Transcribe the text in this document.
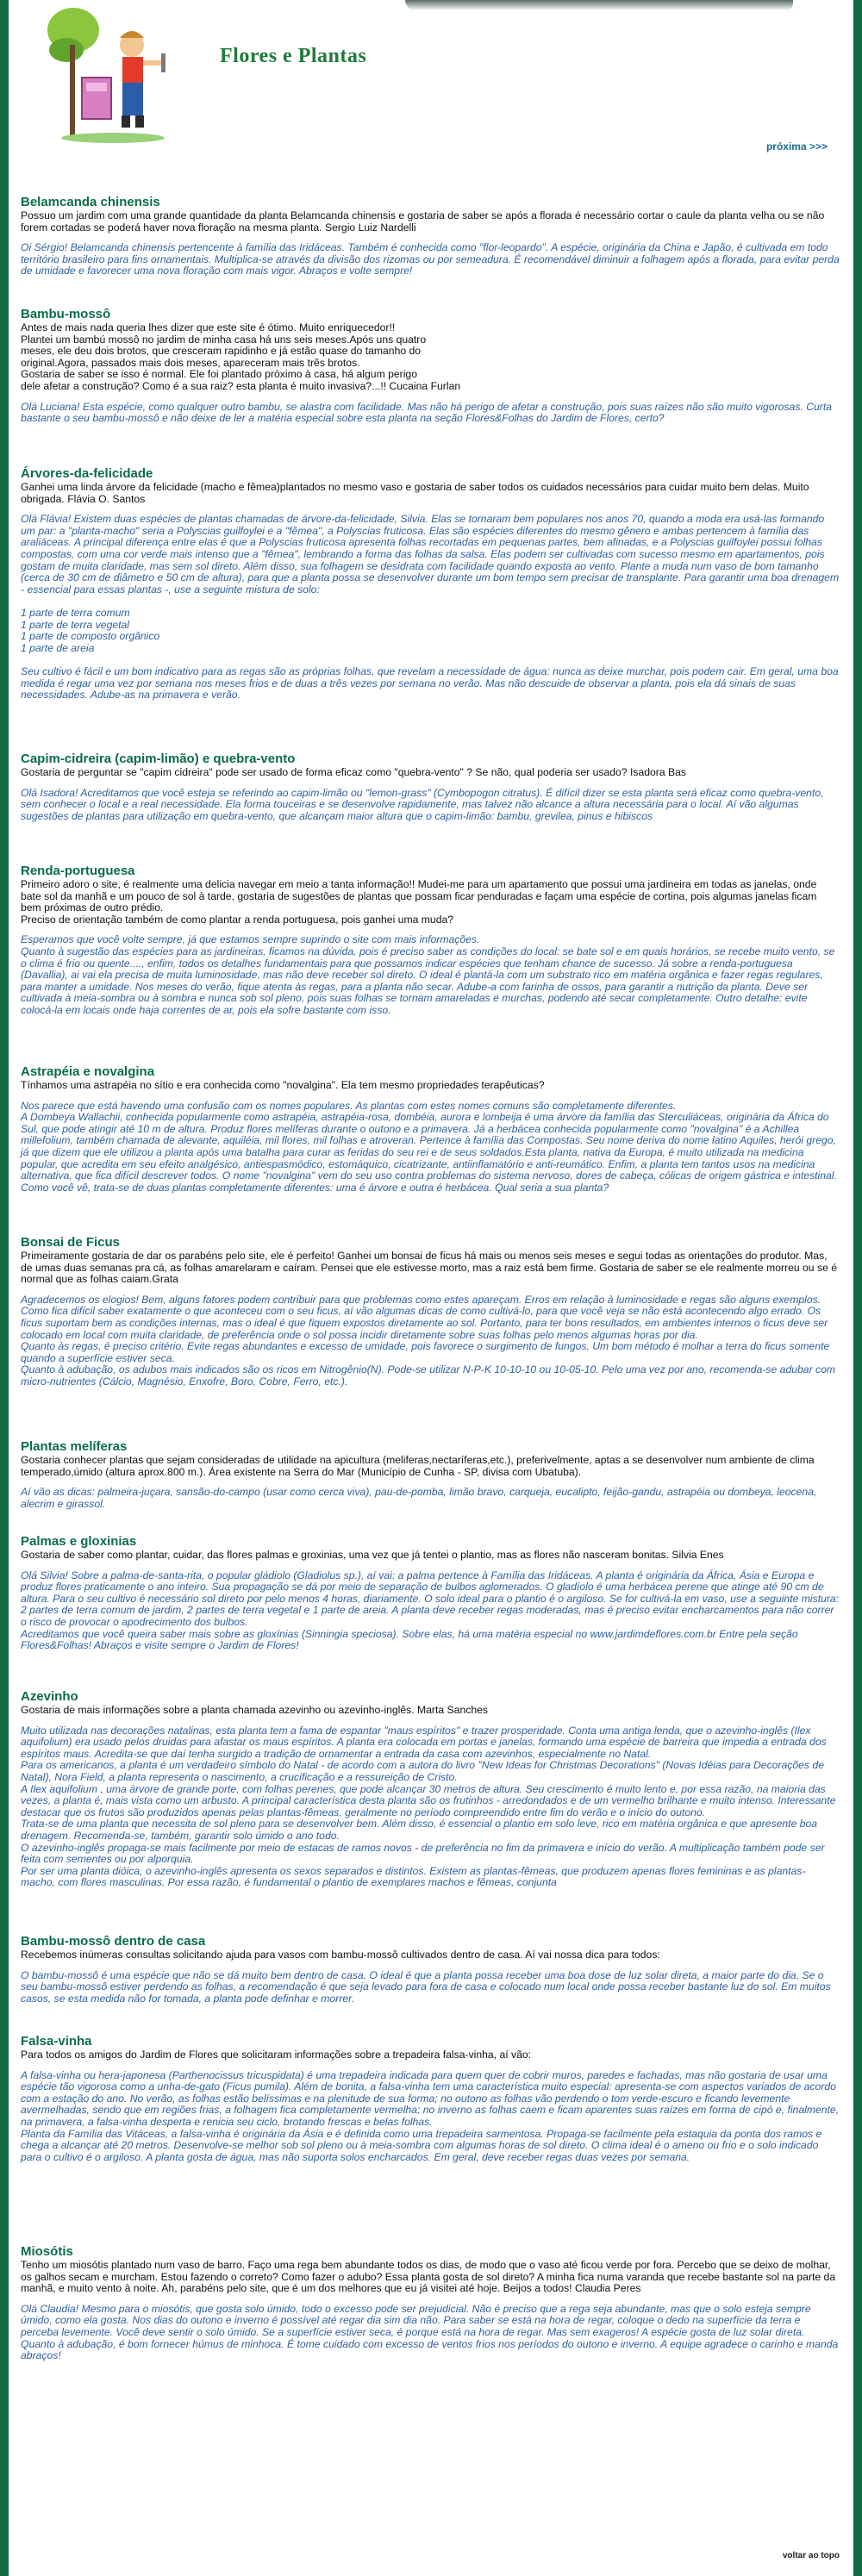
Flores e Plantas
próxima >>>
Belamcanda chinensis

Possuo um jardim com uma grande quantidade da planta Belamcanda chinensis e gostaria de saber se após a florada é necessário cortar o caule da planta velha ou se não forem cortadas se poderá haver nova floração na mesma planta. Sergio Luiz Nardelli

Oi Sérgio! Belamcanda chinensis pertencente à família das Iridáceas. Também é conhecida como "flor-leopardo". A espécie, originária da China e Japão, é cultivada em todo território brasileiro para fins ornamentais. Multiplica-se através da divisão dos rizomas ou por semeadura. É recomendável diminuir a folhagem após a florada, para evitar perda de umidade e favorecer uma nova floração com mais vigor. Abraços e volte sempre!

Bambu-mossô

Antes de mais nada queria lhes dizer que este site é ótimo. Muito enriquecedor!!
Plantei um bambú mossô no jardim de minha casa há uns seis meses.Após uns quatro
meses, ele deu dois brotos, que cresceram rapidinho e já estão quase do tamanho do
original.Agora, passados mais dois meses, apareceram mais três brotos.
Gostaria de saber se isso é normal. Ele foi plantado próximo à casa, há algum perigo
dele afetar a construção? Como é a sua raiz? esta planta é muito invasiva?...!! Cucaina Furlan

Olá Luciana! Esta espécie, como qualquer outro bambu, se alastra com facilidade. Mas não há perigo de afetar a construção, pois suas raízes não são muito vigorosas. Curta bastante o seu bambu-mossô e não deixe de ler a matéria especial sobre esta planta na seção Flores&Folhas do Jardim de Flores, certo?

Árvores-da-felicidade

Ganhei uma linda árvore da felicidade (macho e fêmea)plantados no mesmo vaso e gostaria de saber todos os cuidados necessários para cuidar muito bem delas. Muito obrigada. Flávia O. Santos

Olá Flávia! Existem duas espécies de plantas chamadas de árvore-da-felicidade, Silvia. Elas se tornaram bem populares nos anos 70, quando a moda era usá-las formando um par: a "planta-macho" seria a Polyscias guilfoylei e a "fêmea", a Polyscias fruticosa. Elas são espécies diferentes do mesmo gênero e ambas pertencem à família das araliáceas. A principal diferença entre elas é que a Polyscias fruticosa apresenta folhas recortadas em pequenas partes, bem afinadas, e a Polyscias guilfoylei possui folhas compostas, com uma cor verde mais intenso que a "fêmea", lembrando a forma das folhas da salsa. Elas podem ser cultivadas com sucesso mesmo em apartamentos, pois gostam de muita claridade, mas sem sol direto. Além disso, sua folhagem se desidrata com facilidade quando exposta ao vento. Plante a muda num vaso de bom tamanho (cerca de 30 cm de diâmetro e 50 cm de altura), para que a planta possa se desenvolver durante um bom tempo sem precisar de transplante. Para garantir uma boa drenagem - essencial para essas plantas -, use a seguinte mistura de solo:

1 parte de terra comum
1 parte de terra vegetal
1 parte de composto orgânico
1 parte de areia

Seu cultivo é fácil e um bom indicativo para as regas são as próprias folhas, que revelam a necessidade de água: nunca as deixe murchar, pois podem cair. Em geral, uma boa medida é regar uma vez por semana nos meses frios e de duas a três vezes por semana no verão. Mas não descuide de observar a planta, pois ela dá sinais de suas necessidades. Adube-as na primavera e verão.

Capim-cidreira (capim-limão) e quebra-vento

Gostaria de perguntar se "capim cidreira" pode ser usado de forma eficaz como "quebra-vento" ? Se não, qual poderia ser usado? Isadora Bas

Olá Isadora! Acreditamos que você esteja se referindo ao capim-limão ou "lemon-grass" (Cymbopogon citratus). É difícil dizer se esta planta será eficaz como quebra-vento, sem conhecer o local e a real necessidade. Ela forma touceiras e se desenvolve rapidamente, mas talvez não alcance a altura necessária para o local. Aí vão algumas sugestões de plantas para utilização em quebra-vento, que alcançam maior altura que o capim-limão: bambu, grevilea, pinus e hibiscos

Renda-portuguesa

Primeiro adoro o site, é realmente uma delicia navegar em meio a tanta informação!! Mudei-me para um apartamento que possui uma jardineira em todas as janelas, onde bate sol da manhã e um pouco de sol à tarde, gostaria de sugestões de plantas que possam ficar penduradas e façam uma espécie de cortina, pois algumas janelas ficam bem próximas de outro prédio.
Preciso de orientação também de como plantar a renda portuguesa, pois ganhei uma muda?

Esperamos que você volte sempre, já que estamos sempre suprindo o site com mais informações.
Quanto à sugestão das espécies para as jardineiras, ficamos na dúvida, pois é preciso saber as condições do local: se bate sol e em quais horários, se recebe muito vento, se o clima é frio ou quente...., enfim, todos os detalhes fundamentais para que possamos indicar espécies que tenham chance de sucesso. Já sobre a renda-portuguesa (Davallia), ai vai ela precisa de muita luminosidade, mas não deve receber sol direto. O ideal é plantá-la com um substrato rico em matéria orgânica e fazer regas regulares, para manter a umidade. Nos meses do verão, fique atenta às regas, para a planta não secar. Adube-a com farinha de ossos, para garantir a nutrição da planta. Deve ser cultivada à meia-sombra ou à sombra e nunca sob sol pleno, pois suas folhas se tornam amareladas e murchas, podendo até secar completamente. Outro detalhe: evite colocá-la em locais onde haja correntes de ar, pois ela sofre bastante com isso.

Astrapéia e novalgina

Tínhamos uma astrapéia no sítio e era conhecida como "novalgina". Ela tem mesmo propriedades terapêuticas?

Nos parece que está havendo uma confusão com os nomes populares. As plantas com estes nomes comuns são completamente diferentes.
A Dombeya Wallachii, conhecida popularmente como astrapéia, astrapéia-rosa, dombéia, aurora e lombeija é uma árvore da família das Sterculiáceas, originária da África do Sul, que pode atingir até 10 m de altura. Produz flores melíferas durante o outono e a primavera. Já a herbácea conhecida popularmente como "novalgina" é a Achillea millefolium, também chamada de alevante, aquiléia, mil flores, mil folhas e atroveran. Pertence à família das Compostas. Seu nome deriva do nome latino Aquiles, herói grego, já que dizem que ele utilizou a planta após uma batalha para curar as feridas do seu rei e de seus soldados.Esta planta, nativa da Europa, é muito utilizada na medicina popular, que acredita em seu efeito analgésico, antiespasmódico, estomáquico, cicatrizante, antiinflamatório e anti-reumático. Enfim, a planta tem tantos usos na medicina alternativa, que fica difícil descrever todos. O nome "novalgina" vem do seu uso contra problemas do sistema nervoso, dores de cabeça, cólicas de origem gástrica e intestinal. Como você vê, trata-se de duas plantas completamente diferentes: uma é árvore e outra é herbácea. Qual seria a sua planta?

Bonsai de Ficus

Primeiramente gostaria de dar os parabéns pelo site, ele é perfeito! Ganhei um bonsai de ficus há mais ou menos seis meses e segui todas as orientações do produtor. Mas, de umas duas semanas pra cá, as folhas amarelaram e caíram. Pensei que ele estivesse morto, mas a raiz está bem firme. Gostaria de saber se ele realmente morreu ou se é normal que as folhas caiam.Grata

Agradecemos os elogios! Bem, alguns fatores podem contribuir para que problemas como estes apareçam. Erros em relação à luminosidade e regas são alguns exemplos. Como fica difícil saber exatamente o que aconteceu com o seu ficus, aí vão algumas dicas de como cultivá-lo, para que você veja se não está acontecendo algo errado. Os ficus suportam bem as condições internas, mas o ideal é que fiquem expostos diretamente ao sol. Portanto, para ter bons resultados, em ambientes internos o ficus deve ser colocado em local com muita claridade, de preferência onde o sol possa incidir diretamente sobre suas folhas pelo menos algumas horas por dia.
Quanto às regas, é preciso critério. Evite regas abundantes e excesso de umidade, pois favorece o surgimento de fungos. Um bom método é molhar a terra do ficus somente quando a superfície estiver seca.
Quanto à adubação, os adubos mais indicados são os ricos em Nitrogênio(N). Pode-se utilizar N-P-K 10-10-10 ou 10-05-10. Pelo uma vez por ano, recomenda-se adubar com micro-nutrientes (Cálcio, Magnésio, Enxofre, Boro, Cobre, Ferro, etc.).

Plantas melíferas

Gostaria conhecer plantas que sejam consideradas de utilidade na apicultura (meliferas,nectaríferas,etc.), preferivelmente, aptas a se desenvolver num ambiente de clima temperado,úmido (altura aprox.800 m.). Área existente na Serra do Mar (Município de Cunha - SP, divisa com Ubatuba).

Aí vão as dicas: palmeira-juçara, sansão-do-campo (usar como cerca viva), pau-de-pomba, limão bravo, carqueja, eucalipto, feijão-gandu, astrapéia ou dombeya, leocena, alecrim e girassol.

Palmas e gloxinias

Gostaria de saber como plantar, cuidar, das flores palmas e groxinias, uma vez que já tentei o plantio, mas as flores não nasceram bonitas. Silvia Enes

Olá Silvia! Sobre a palma-de-santa-rita, o popular gládiolo (Gladiolus sp.), aí vai: a palma pertence à Família das Iridáceas. A planta é originária da África, Ásia e Europa e produz flores praticamente o ano inteiro. Sua propagação se dá por meio de separação de bulbos aglomerados. O gladíolo é uma herbácea perene que atinge até 90 cm de altura. Para o seu cultivo é necessário sol direto por pelo menos 4 horas, diariamente. O solo ideal para o plantio é o argiloso. Se for cultivá-la em vaso, use a seguinte mistura: 2 partes de terra comum de jardim, 2 partes de terra vegetal e 1 parte de areia. A planta deve receber regas moderadas, mas é preciso evitar encharcamentos para não correr o risco de provocar o apodrecimento dos bulbos.
Acreditamos que você queira saber mais sobre as gloxínias (Sinningia speciosa). Sobre elas, há uma matéria especial no www.jardimdeflores.com.br Entre pela seção Flores&Folhas! Abraços e visite sempre o Jardim de Flores!

Azevinho

Gostaria de mais informações sobre a planta chamada azevinho ou azevinho-inglês. Marta Sanches

Muito utilizada nas decorações natalinas, esta planta tem a fama de espantar "maus espíritos" e trazer prosperidade. Conta uma antiga lenda, que o azevinho-inglês (Ilex aquifolium) era usado pelos druidas para afastar os maus espíritos. A planta era colocada em portas e janelas, formando uma espécie de barreira que impedia a entrada dos espíritos maus. Acredita-se que daí tenha surgido a tradição de ornamentar a entrada da casa com azevinhos, especialmente no Natal.
Para os americanos, a planta é um verdadeiro símbolo do Natal - de acordo com a autora do livro "New Ideas for Christmas Decorations" (Novas Idéias para Decorações de Natal), Nora Field, a planta representa o nascimento, a crucificação e a ressureição de Cristo.
A Ilex aquifolium , uma árvore de grande porte, com folhas perenes, que pode alcançar 30 metros de altura. Seu crescimento é muito lento e, por essa razão, na maioria das vezes, a planta é, mais vista como um arbusto. A principal característica desta planta são os frutinhos - arredondados e de um vermelho brilhante e muito intenso. Interessante destacar que os frutos são produzidos apenas pelas plantas-fêmeas, geralmente no período compreendido entre fim do verão e o início do outono.
Trata-se de uma planta que necessita de sol pleno para se desenvolver bem. Além disso, é essencial o plantio em solo leve, rico em matéria orgânica e que apresente boa drenagem. Recomenda-se, também, garantir solo úmido o ano todo.
O azevinho-inglês propaga-se mais facilmente por meio de estacas de ramos novos - de preferência no fim da primavera e início do verão. A multiplicação também pode ser feita com sementes ou por alporquia.
Por ser uma planta dióica, o azevinho-inglês apresenta os sexos separados e distintos. Existem as plantas-fêmeas, que produzem apenas flores femininas e as plantas-macho, com flores masculinas. Por essa razão, é fundamental o plantio de exemplares machos e fêmeas, conjunta

Bambu-mossô dentro de casa

Recebemos inúmeras consultas solicitando ajuda para vasos com bambu-mossô cultivados dentro de casa. Aí vai nossa dica para todos:

O bambu-mossô é uma espécie que não se dá muito bem dentro de casa. O ideal é que a planta possa receber uma boa dose de luz solar direta, a maior parte do dia. Se o seu bambu-mossô estiver perdendo as folhas, a recomendação é que seja levado para fora de casa e colocado num local onde possa receber bastante luz do sol. Em muitos casos, se esta medida não for tomada, a planta pode definhar e morrer.

Falsa-vinha

Para todos os amigos do Jardim de Flores que solicitaram informações sobre a trepadeira falsa-vinha, aí vão:

A falsa-vinha ou hera-japonesa (Parthenocissus tricuspidata) é uma trepadeira indicada para quem quer de cobrir muros, paredes e fachadas, mas não gostaria de usar uma espécie tão vigorosa como a unha-de-gato (Ficus pumila). Além de bonita, a falsa-vinha tem uma característica muito especial: apresenta-se com aspectos variados de acordo com a estação do ano. No verão, as folhas estão belíssimas e na plenitude de sua forma; no outono as folhas vão perdendo o tom verde-escuro e ficando levemente avermelhadas, sendo que em regiões frias, a folhagem fica completamente vermelha; no inverno as folhas caem e ficam aparentes suas raízes em forma de cipó e, finalmente, na primavera, a falsa-vinha desperta e renicia seu ciclo, brotando frescas e belas folhas.
Planta da Família das Vitáceas, a falsa-vinha é originária da Ásia e é definida como uma trepadeira sarmentosa. Propaga-se facilmente pela estaquia da ponta dos ramos e chega a alcançar até 20 metros. Desenvolve-se melhor sob sol pleno ou à meia-sombra com algumas horas de sol direto. O clima ideal é o ameno ou frio e o solo indicado para o cultivo é o argiloso. A planta gosta de água, mas não suporta solos encharcados. Em geral, deve receber regas duas vezes por semana.

Miosótis

Tenho um miosótis plantado num vaso de barro. Faço uma rega bem abundante todos os dias, de modo que o vaso até ficou verde por fora. Percebo que se deixo de molhar, os galhos secam e murcham. Estou fazendo o correto? Como fazer o adubo? Essa planta gosta de sol direto? A minha fica numa varanda que recebe bastante sol na parte da manhã, e muito vento à noite. Ah, parabéns pelo site, que é um dos melhores que eu já visitei até hoje. Beijos a todos! Claudia Peres

Olá Claudia! Mesmo para o miosótis, que gosta solo úmido, todo o excesso pode ser prejudicial. Não é preciso que a rega seja abundante, mas que o solo esteja sempre úmido, como ela gosta. Nos dias do outono e inverno é possível até regar dia sim dia não. Para saber se está na hora de regar, coloque o dedo na superfície da terra e perceba levemente. Você deve sentir o solo úmido. Se a superfície estiver seca, é porque está na hora de regar. Mas sem exageros! A espécie gosta de luz solar direta. Quanto à adubação, é bom fornecer húmus de minhoca. É tome cuidado com excesso de ventos frios nos períodos do outono e inverno. A equipe agradece o carinho e manda abraços!

voltar ao topo
